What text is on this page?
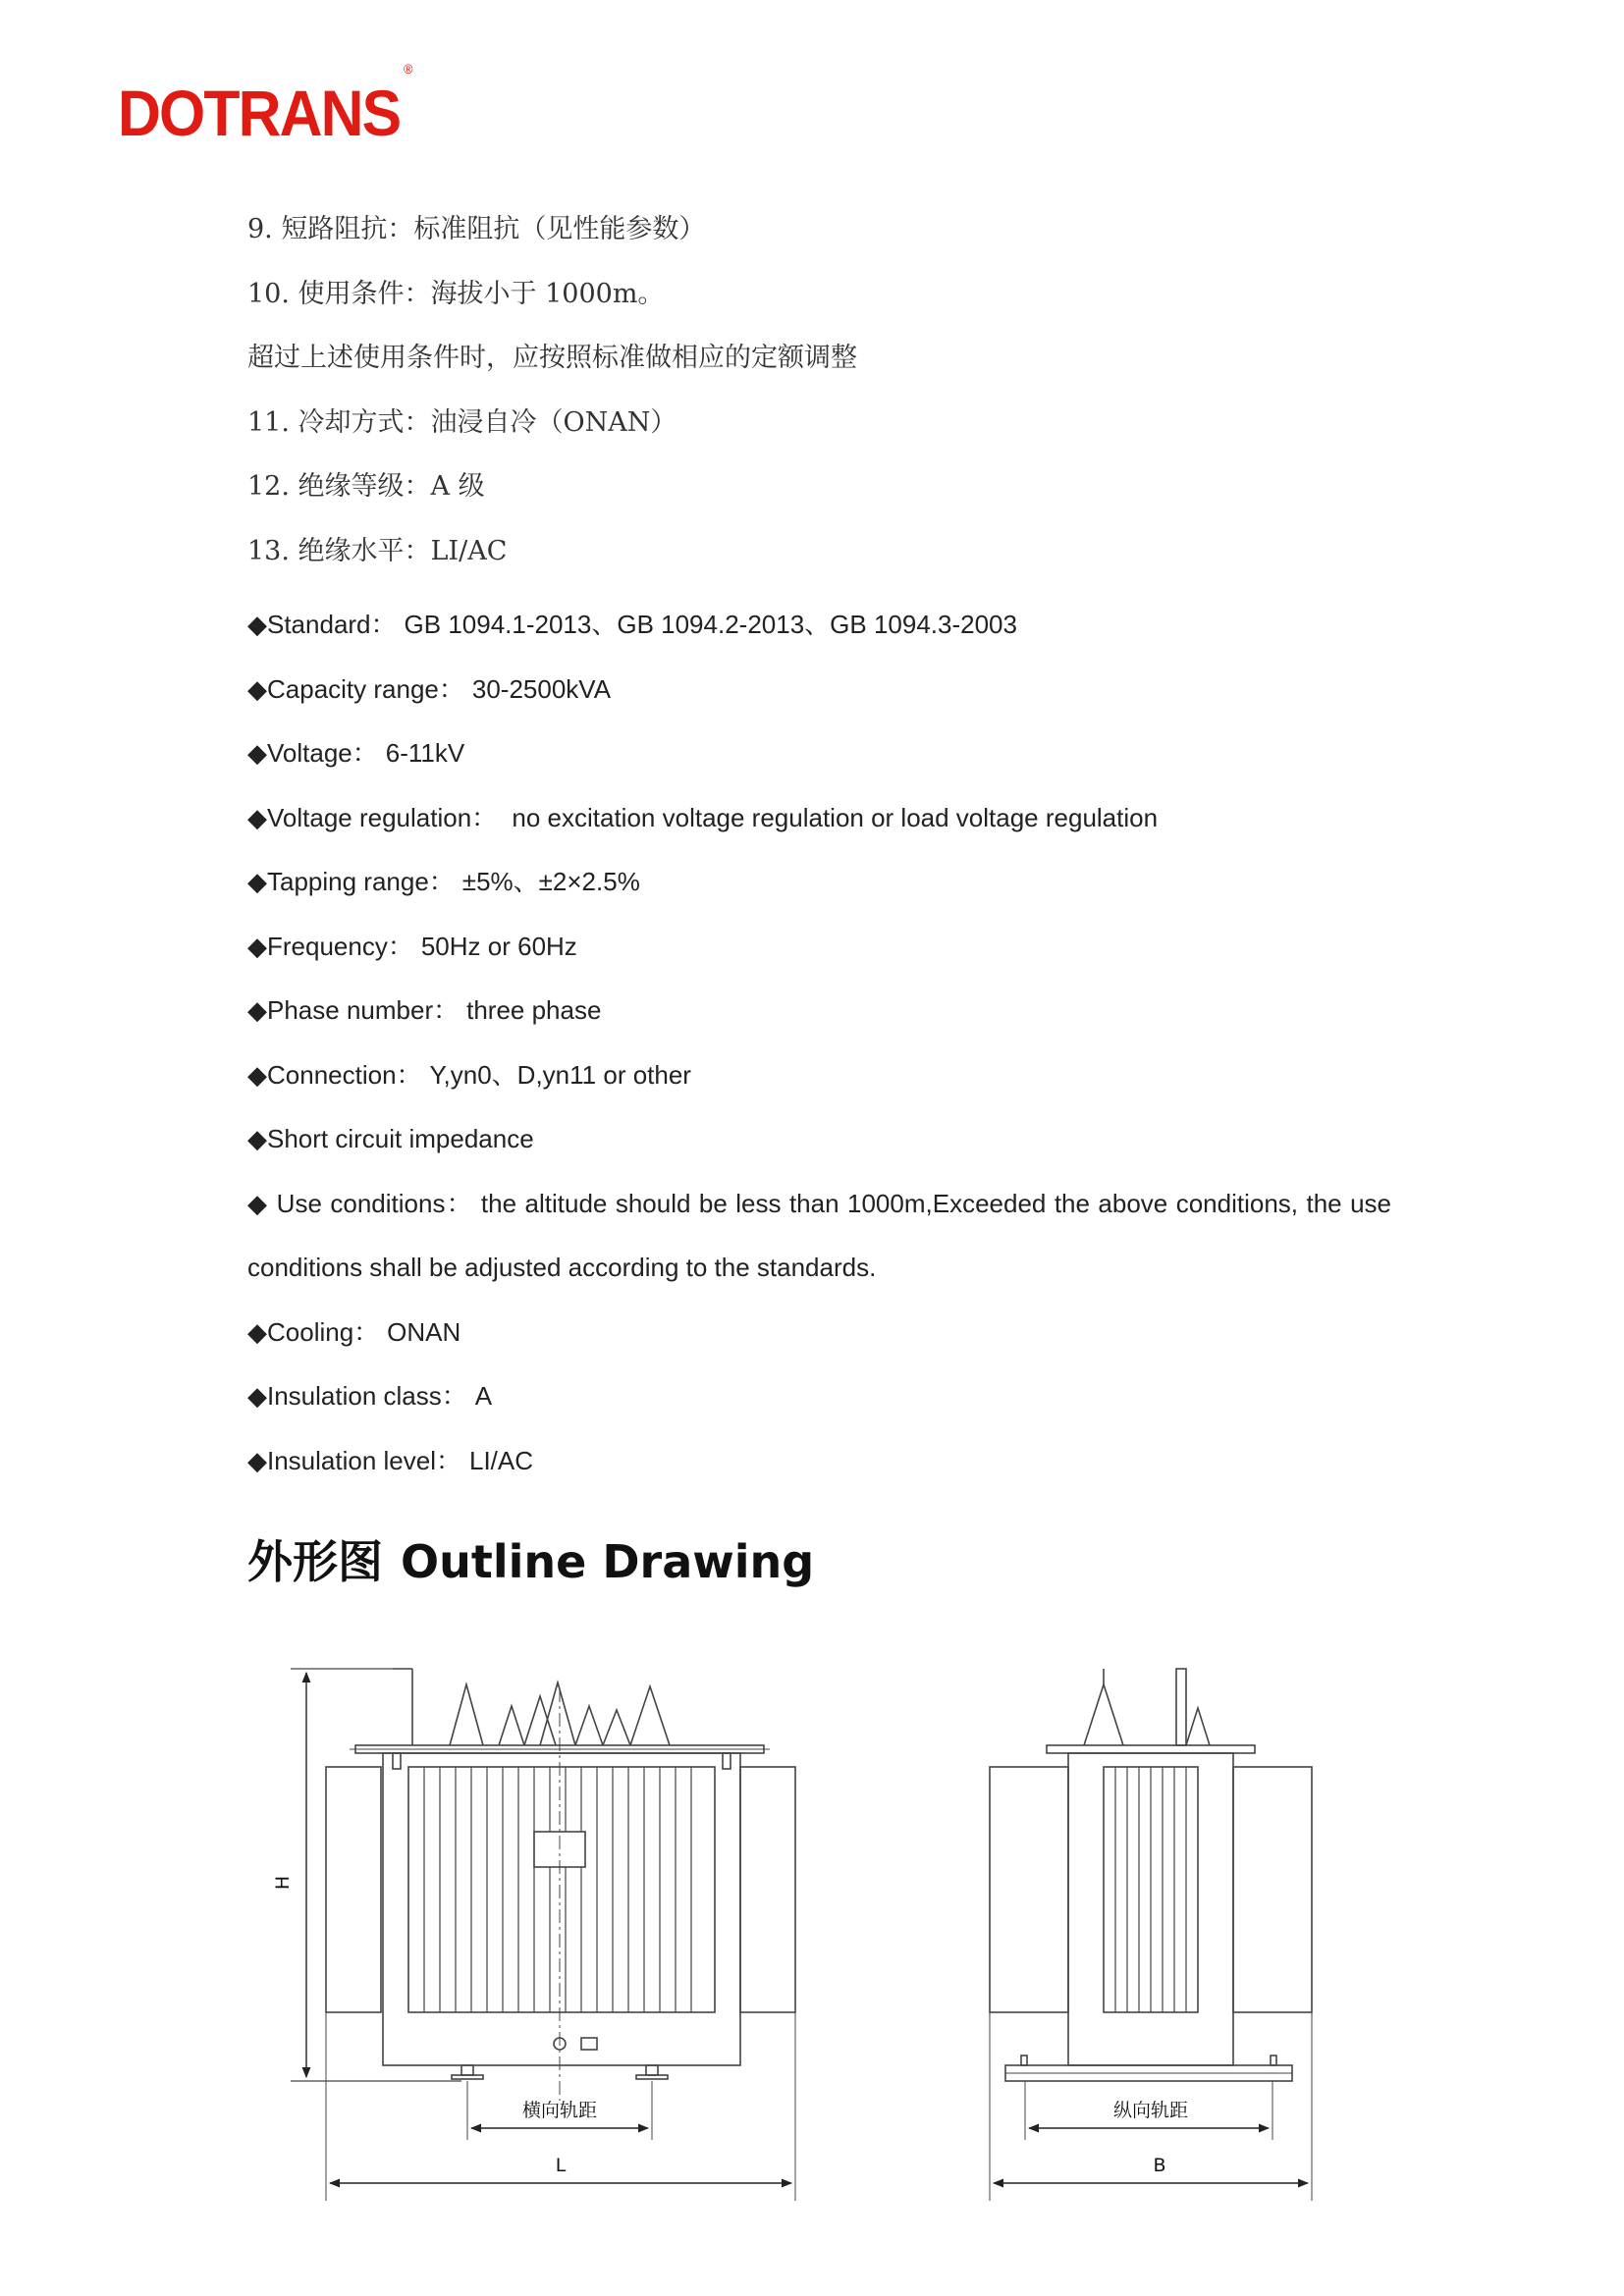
DOTRANS®
9. 短路阻抗：标准阻抗（见性能参数）
10. 使用条件：海拔小于 1000m。
超过上述使用条件时，应按照标准做相应的定额调整
11. 冷却方式：油浸自冷（ONAN）
12. 绝缘等级：A 级
13. 绝缘水平：LI/AC
◆Standard： GB 1094.1-2013、GB 1094.2-2013、GB 1094.3-2003
◆Capacity range： 30-2500kVA
◆Voltage： 6-11kV
◆Voltage regulation： no excitation voltage regulation or load voltage regulation
◆Tapping range： ±5%、±2×2.5%
◆Frequency： 50Hz or 60Hz
◆Phase number： three phase
◆Connection： Y,yn0、D,yn11 or other
◆Short circuit impedance
◆ Use conditions： the altitude should be less than 1000m,Exceeded the above conditions, the use conditions shall be adjusted according to the standards.
◆Cooling： ONAN
◆Insulation class： A
◆Insulation level： LI/AC
外形图 Outline Drawing
H
横向轨距
L
纵向轨距
B
